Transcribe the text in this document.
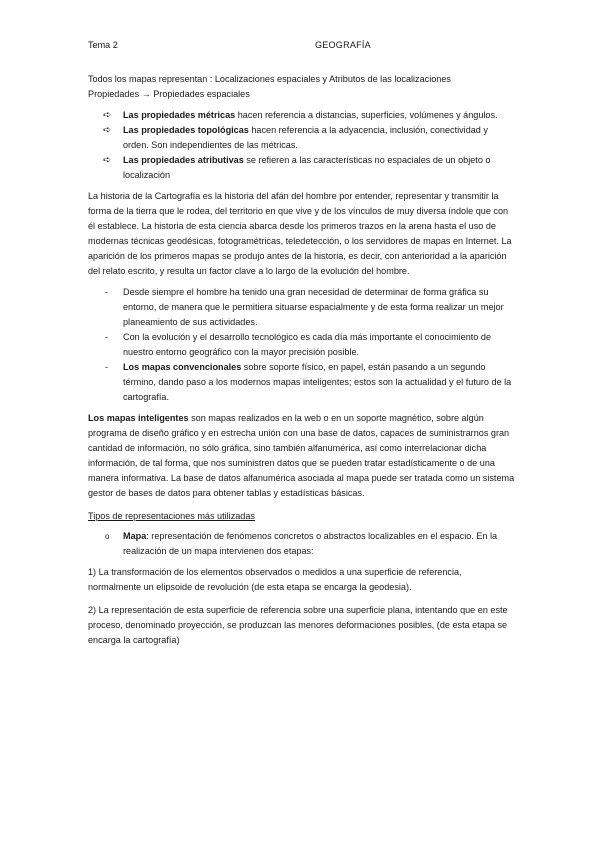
Tema 2	GEOGRAFÍA

Todos los mapas representan : Localizaciones espaciales y Atributos de las localizaciones

Propiedades → Propiedades espaciales

➪ Las propiedades métricas hacen referencia a distancias, superficies, volúmenes y ángulos.
➪ Las propiedades topológicas hacen referencia a la adyacencia, inclusión, conectividad y orden. Son independientes de las métricas.
➪ Las propiedades atributivas se refieren a las características no espaciales de un objeto o localización

La historia de la Cartografía es la historia del afán del hombre por entender, representar y transmitir la forma de la tierra que le rodea, del territorio en que vive y de los vínculos de muy diversa índole que con él establece. La historia de esta ciencia abarca desde los primeros trazos en la arena hasta el uso de modernas técnicas geodésicas, fotogramétricas, teledetección, o los servidores de mapas en Internet. La aparición de los primeros mapas se produjo antes de la historia, es decir, con anterioridad a la aparición del relato escrito, y resulta un factor clave a lo largo de la evolución del hombre.

- Desde siempre el hombre ha tenido una gran necesidad de determinar de forma gráfica su entorno, de manera que le permitiera situarse espacialmente y de esta forma realizar un mejor planeamiento de sus actividades.
- Con la evolución y el desarrollo tecnológico es cada día más importante el conocimiento de nuestro entorno geográfico con la mayor precisión posible.
- Los mapas convencionales sobre soporte físico, en papel, están pasando a un segundo término, dando paso a los modernos mapas inteligentes; estos son la actualidad y el futuro de la cartografía.

Los mapas inteligentes son mapas realizados en la web o en un soporte magnético, sobre algún programa de diseño gráfico y en estrecha unión con una base de datos, capaces de suministrarnos gran cantidad de información, no sólo gráfica, sino también alfanumérica, así como interrelacionar dicha información, de tal forma, que nos suministren datos que se pueden tratar estadísticamente o de una manera informativa. La base de datos alfanumérica asociada al mapa puede ser tratada como un sistema gestor de bases de datos para obtener tablas y estadísticas básicas.

Tipos de representaciones más utilizadas

o Mapa: representación de fenómenos concretos o abstractos localizables en el espacio. En la realización de un mapa intervienen dos etapas:

1) La transformación de los elementos observados o medidos a una superficie de referencia, normalmente un elipsoide de revolución (de esta etapa se encarga la geodesia).

2) La representación de esta superficie de referencia sobre una superficie plana, intentando que en este proceso, denominado proyección, se produzcan las menores deformaciones posibles, (de esta etapa se encarga la cartografía)
